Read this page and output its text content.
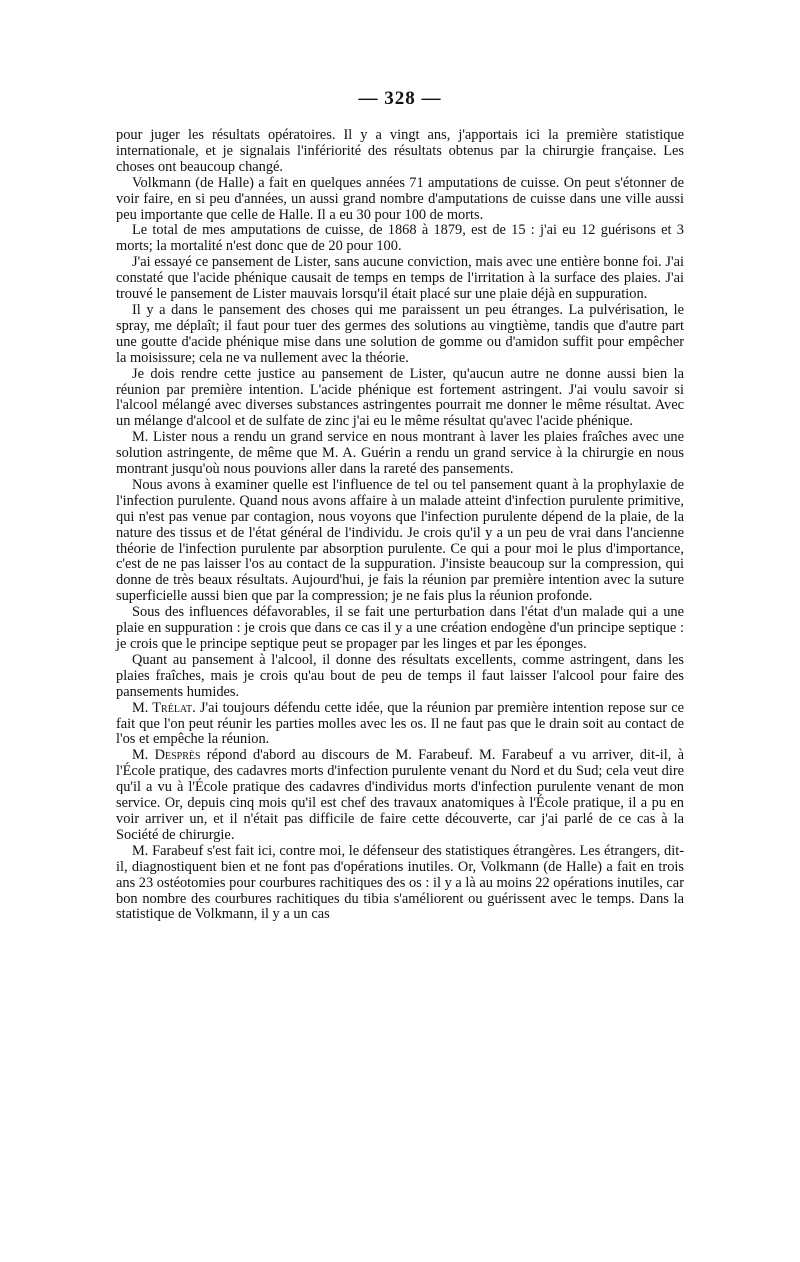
— 328 —

pour juger les résultats opératoires. Il y a vingt ans, j'apportais ici la première statistique internationale, et je signalais l'infériorité des résultats obtenus par la chirurgie française. Les choses ont beaucoup changé.

Volkmann (de Halle) a fait en quelques années 71 amputations de cuisse. On peut s'étonner de voir faire, en si peu d'années, un aussi grand nombre d'amputations de cuisse dans une ville aussi peu importante que celle de Halle. Il a eu 30 pour 100 de morts.

Le total de mes amputations de cuisse, de 1868 à 1879, est de 15 : j'ai eu 12 guérisons et 3 morts; la mortalité n'est donc que de 20 pour 100.

J'ai essayé ce pansement de Lister, sans aucune conviction, mais avec une entière bonne foi. J'ai constaté que l'acide phénique causait de temps en temps de l'irritation à la surface des plaies. J'ai trouvé le pansement de Lister mauvais lorsqu'il était placé sur une plaie déjà en suppuration.

Il y a dans le pansement des choses qui me paraissent un peu étranges. La pulvérisation, le spray, me déplaît; il faut pour tuer des germes des solutions au vingtième, tandis que d'autre part une goutte d'acide phénique mise dans une solution de gomme ou d'amidon suffit pour empêcher la moisissure; cela ne va nullement avec la théorie.

Je dois rendre cette justice au pansement de Lister, qu'aucun autre ne donne aussi bien la réunion par première intention. L'acide phénique est fortement astringent. J'ai voulu savoir si l'alcool mélangé avec diverses substances astringentes pourrait me donner le même résultat. Avec un mélange d'alcool et de sulfate de zinc j'ai eu le même résultat qu'avec l'acide phénique.

M. Lister nous a rendu un grand service en nous montrant à laver les plaies fraîches avec une solution astringente, de même que M. A. Guérin a rendu un grand service à la chirurgie en nous montrant jusqu'où nous pouvions aller dans la rareté des pansements.

Nous avons à examiner quelle est l'influence de tel ou tel pansement quant à la prophylaxie de l'infection purulente. Quand nous avons affaire à un malade atteint d'infection purulente primitive, qui n'est pas venue par contagion, nous voyons que l'infection purulente dépend de la plaie, de la nature des tissus et de l'état général de l'individu. Je crois qu'il y a un peu de vrai dans l'ancienne théorie de l'infection purulente par absorption purulente. Ce qui a pour moi le plus d'importance, c'est de ne pas laisser l'os au contact de la suppuration. J'insiste beaucoup sur la compression, qui donne de très beaux résultats. Aujourd'hui, je fais la réunion par première intention avec la suture superficielle aussi bien que par la compression; je ne fais plus la réunion profonde.

Sous des influences défavorables, il se fait une perturbation dans l'état d'un malade qui a une plaie en suppuration : je crois que dans ce cas il y a une création endogène d'un principe septique : je crois que le principe septique peut se propager par les linges et par les éponges.

Quant au pansement à l'alcool, il donne des résultats excellents, comme astringent, dans les plaies fraîches, mais je crois qu'au bout de peu de temps il faut laisser l'alcool pour faire des pansements humides.

M. Trélat. J'ai toujours défendu cette idée, que la réunion par première intention repose sur ce fait que l'on peut réunir les parties molles avec les os. Il ne faut pas que le drain soit au contact de l'os et empêche la réunion.

M. Desprès répond d'abord au discours de M. Farabeuf. M. Farabeuf a vu arriver, dit-il, à l'École pratique, des cadavres morts d'infection purulente venant du Nord et du Sud; cela veut dire qu'il a vu à l'École pratique des cadavres d'individus morts d'infection purulente venant de mon service. Or, depuis cinq mois qu'il est chef des travaux anatomiques à l'École pratique, il a pu en voir arriver un, et il n'était pas difficile de faire cette découverte, car j'ai parlé de ce cas à la Société de chirurgie.

M. Farabeuf s'est fait ici, contre moi, le défenseur des statistiques étrangères. Les étrangers, dit-il, diagnostiquent bien et ne font pas d'opérations inutiles. Or, Volkmann (de Halle) a fait en trois ans 23 ostéotomies pour courbures rachitiques des os : il y a là au moins 22 opérations inutiles, car bon nombre des courbures rachitiques du tibia s'améliorent ou guérissent avec le temps. Dans la statistique de Volkmann, il y a un cas
